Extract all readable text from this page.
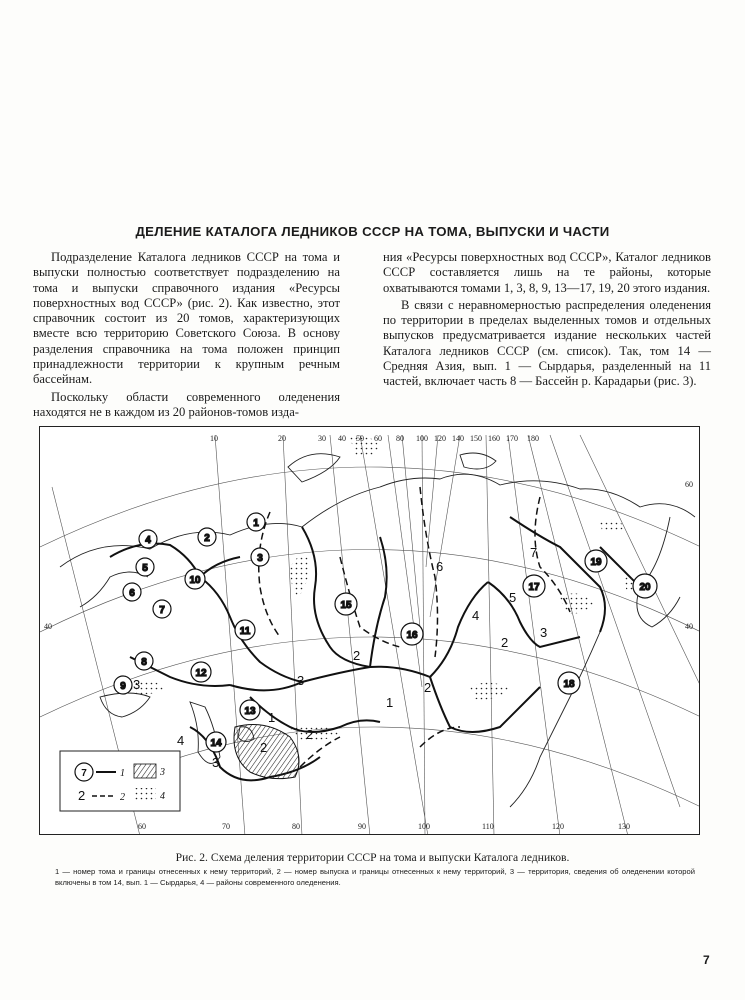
ДЕЛЕНИЕ КАТАЛОГА ЛЕДНИКОВ СССР НА ТОМА, ВЫПУСКИ И ЧАСТИ

Подразделение Каталога ледников СССР на тома и выпуски полностью соответствует подразделению на тома и выпуски справочного издания «Ресурсы поверхностных вод СССР» (рис. 2). Как известно, этот справочник состоит из 20 томов, характеризующих вместе всю территорию Советского Союза. В основу разделения справочника на тома положен принцип принадлежности территории к крупным речным бассейнам.

Поскольку области современного оледенения находятся не в каждом из 20 районов-томов изда-

ния «Ресурсы поверхностных вод СССР», Каталог ледников СССР составляется лишь на те районы, которые охватываются томами 1, 3, 8, 9, 13—17, 19, 20 этого издания.

В связи с неравномерностью распределения оледенения по территории в пределах выделенных томов и отдельных выпусков предусматривается издание нескольких частей Каталога ледников СССР (см. список). Так, том 14 — Средняя Азия, вып. 1 — Сырдарья, разделенный на 11 частей, включает часть 8 — Бассейн р. Карадарьи (рис. 3).

10	20	30 40 50 60 80 100 120 140 150 160 170 180
60	70	80	90	100	110	120	130
40
60
40
1
2
3
4
5
6
7
8
9
10
11
12
13
14
15
16
17
18
19
20
2
3
4
4
5
6
7
3
2
2
1
1
2
2
3
3
7	1
2	2
3
4
Рис. 2. Схема деления территории СССР на тома и выпуски Каталога ледников.
1 — номер тома и границы отнесенных к нему территорий, 2 — номер выпуска и границы отнесенных к нему территорий, 3 — территория, сведения об оледенении которой включены в том 14, вып. 1 — Сырдарья, 4 — районы современного оледенения.
7
